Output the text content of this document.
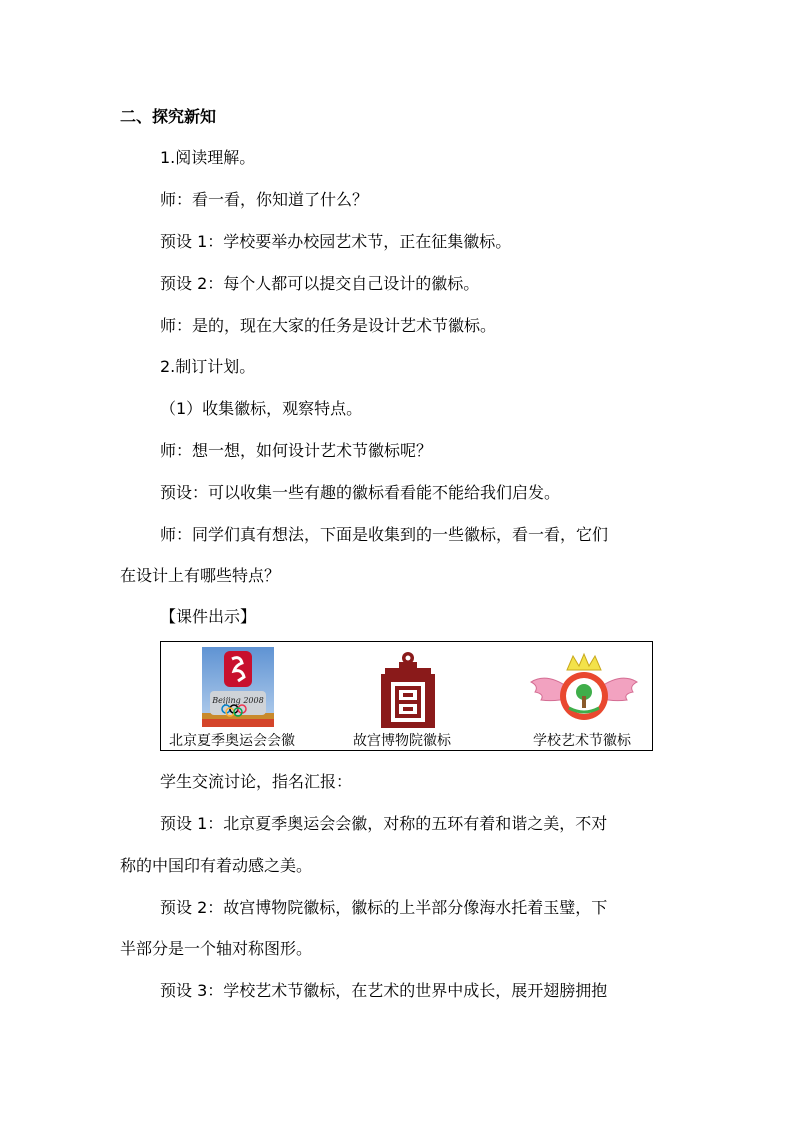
二、探究新知
1.阅读理解。
师：看一看，你知道了什么？
预设 1：学校要举办校园艺术节，正在征集徽标。
预设 2：每个人都可以提交自己设计的徽标。
师：是的，现在大家的任务是设计艺术节徽标。
2.制订计划。
（1）收集徽标，观察特点。
师：想一想，如何设计艺术节徽标呢？
预设：可以收集一些有趣的徽标看看能不能给我们启发。
师：同学们真有想法，下面是收集到的一些徽标，看一看，它们
在设计上有哪些特点？
【课件出示】
Beijing 2008
北京夏季奥运会会徽	故宫博物院徽标	学校艺术节徽标
学生交流讨论，指名汇报：
预设 1：北京夏季奥运会会徽，对称的五环有着和谐之美，不对
称的中国印有着动感之美。
预设 2：故宫博物院徽标，徽标的上半部分像海水托着玉璧，下
半部分是一个轴对称图形。
预设 3：学校艺术节徽标，在艺术的世界中成长，展开翅膀拥抱
